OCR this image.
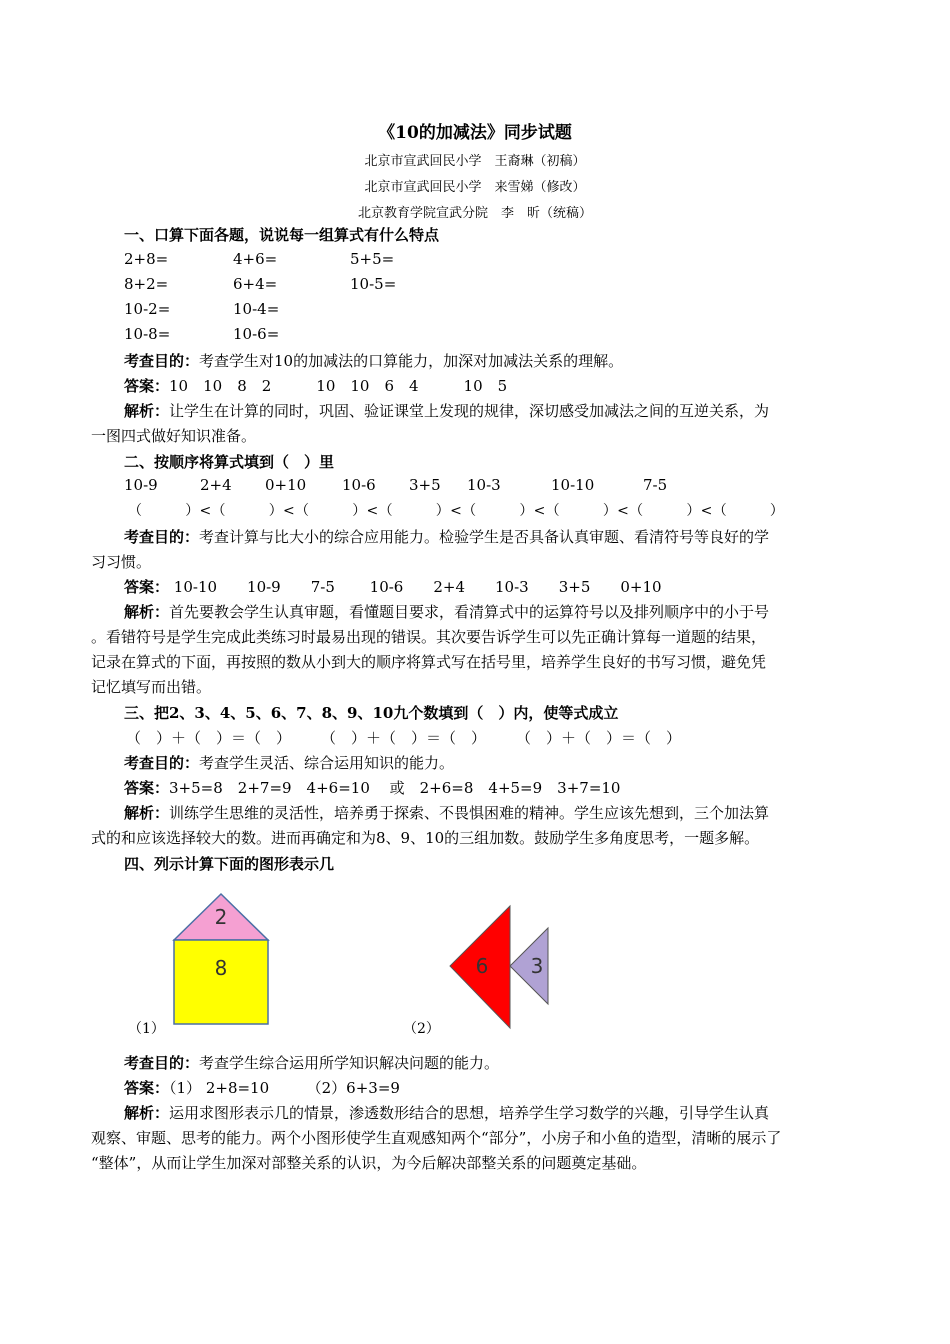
《10的加减法》同步试题
北京市宣武回民小学　王裔琳（初稿）
北京市宣武回民小学　来雪娣（修改）
北京教育学院宣武分院　李　昕（统稿）
一、口算下面各题，说说每一组算式有什么特点
2+8=	4+6=	5+5=
8+2=	6+4=	10-5=
10-2=	10-4=
10-8=	10-6=
考查目的：考查学生对10的加减法的口算能力，加深对加减法关系的理解。
答案：10　10　8　2　　　10　10　6　4　　　10　5
解析：让学生在计算的同时，巩固、验证课堂上发现的规律，深切感受加减法之间的互逆关系，为
一图四式做好知识准备。
二、按顺序将算式填到（　）里
10-9	2+4 0+10 10-6 3+5 10-3	10-10	7-5
（　　　）<（　　　）<（　　　）<（　　　）<（　　　）<（　　　）<（　　　）<（　　　）
考查目的：考查计算与比大小的综合应用能力。检验学生是否具备认真审题、看清符号等良好的学
习习惯。
答案： 10-10　　10-9　　7-5　　 10-6　　2+4　　10-3　　3+5　　0+10
解析：首先要教会学生认真审题，看懂题目要求，看清算式中的运算符号以及排列顺序中的小于号
。看错符号是学生完成此类练习时最易出现的错误。其次要告诉学生可以先正确计算每一道题的结果，
记录在算式的下面，再按照的数从小到大的顺序将算式写在括号里，培养学生良好的书写习惯，避免凭
记忆填写而出错。
三、把2、3、4、5、6、7、8、9、10九个数填到（　）内，使等式成立
（　）＋（　）＝（　）　　　（　）＋（　）＝（　）　　　（　）＋（　）＝（　）
考查目的：考查学生灵活、综合运用知识的能力。
答案：3+5=8　2+7=9　4+6=10　 或　2+6=8　4+5=9　3+7=10
解析：训练学生思维的灵活性，培养勇于探索、不畏惧困难的精神。学生应该先想到，三个加法算
式的和应该选择较大的数。进而再确定和为8、9、10的三组加数。鼓励学生多角度思考，一题多解。
四、列示计算下面的图形表示几
2
8
（1）
6 3
（2）
考查目的：考查学生综合运用所学知识解决问题的能力。
答案：（1） 2+8=10　　　（2）6+3=9
解析：运用求图形表示几的情景，渗透数形结合的思想，培养学生学习数学的兴趣，引导学生认真
观察、审题、思考的能力。两个小图形使学生直观感知两个“部分”，小房子和小鱼的造型，清晰的展示了
“整体”，从而让学生加深对部整关系的认识，为今后解决部整关系的问题奠定基础。
